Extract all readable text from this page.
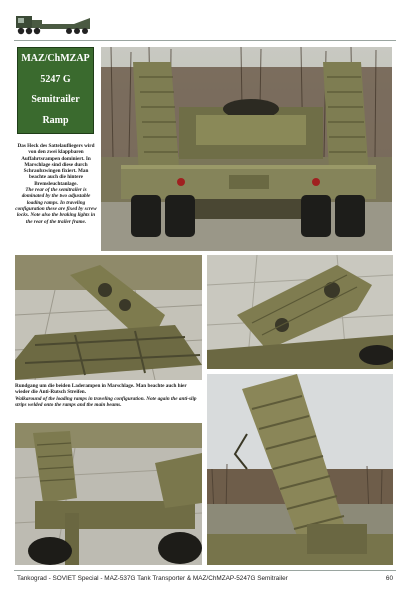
MAZ/ChMZAP
5247 G
Semitrailer
Ramp
Das Heck des Sattelaufliegers wird von den zwei klappbaren Auffahrtsrampen dominiert. In Marschlage sind diese durch Schraubzwingen fixiert. Man beachte auch die hintere Bremsleuchtanlage.
The rear of the semitrailer is dominated by the two adjustable loading ramps. In traveling configuration these are fixed by screw locks. Note also the braking lights in the rear of the trailer frame.
Rundgang um die beiden Laderampen in Marschlage. Man beachte auch hier wieder die Anti-Rutsch Streifen.
Walkaround of the loading ramps in traveling configuration. Note again the anti-slip strips welded onto the ramps and the main beams.
Tankograd - SOVIET Special - MAZ-537G Tank Transporter & MAZ/ChMZAP-5247G Semitrailer	60
